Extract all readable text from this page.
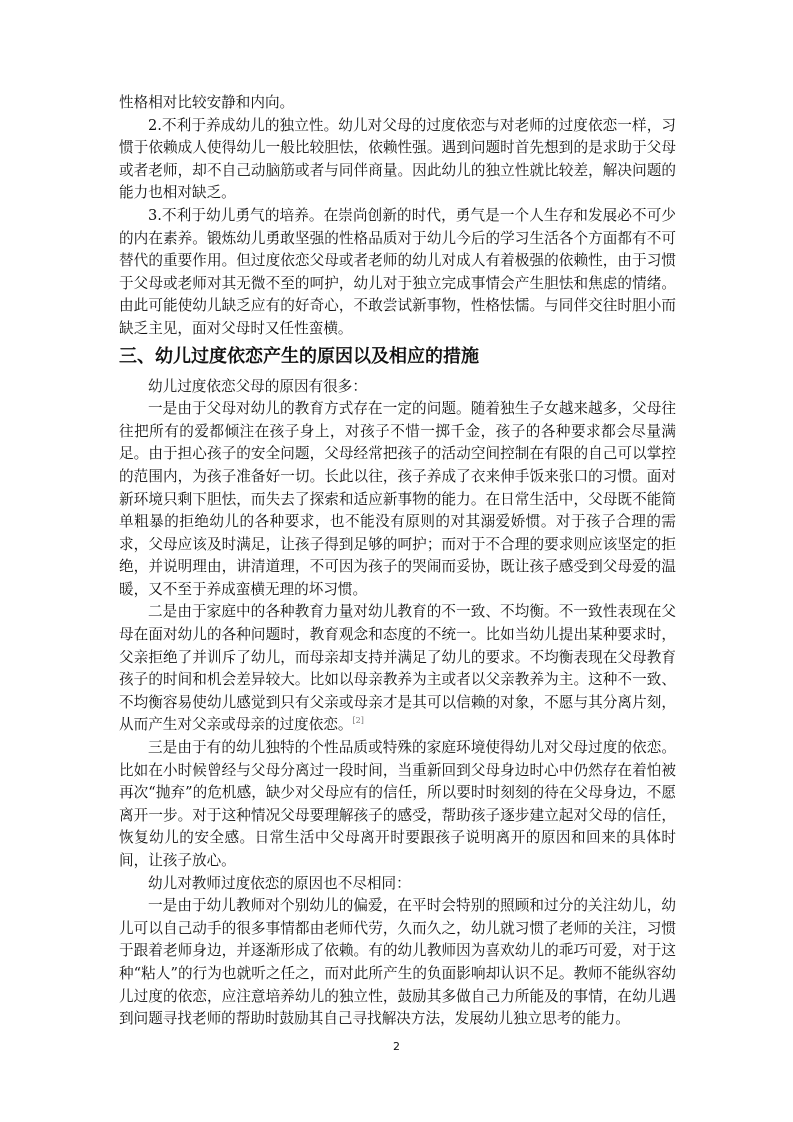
性格相对比较安静和内向。

2.不利于养成幼儿的独立性。幼儿对父母的过度依恋与对老师的过度依恋一样，习惯于依赖成人使得幼儿一般比较胆怯，依赖性强。遇到问题时首先想到的是求助于父母或者老师，却不自己动脑筋或者与同伴商量。因此幼儿的独立性就比较差，解决问题的能力也相对缺乏。

3.不利于幼儿勇气的培养。在崇尚创新的时代，勇气是一个人生存和发展必不可少的内在素养。锻炼幼儿勇敢坚强的性格品质对于幼儿今后的学习生活各个方面都有不可替代的重要作用。但过度依恋父母或者老师的幼儿对成人有着极强的依赖性，由于习惯于父母或老师对其无微不至的呵护，幼儿对于独立完成事情会产生胆怯和焦虑的情绪。由此可能使幼儿缺乏应有的好奇心，不敢尝试新事物，性格怯懦。与同伴交往时胆小而缺乏主见，面对父母时又任性蛮横。

三、幼儿过度依恋产生的原因以及相应的措施

幼儿过度依恋父母的原因有很多：

一是由于父母对幼儿的教育方式存在一定的问题。随着独生子女越来越多，父母往往把所有的爱都倾注在孩子身上，对孩子不惜一掷千金，孩子的各种要求都会尽量满足。由于担心孩子的安全问题，父母经常把孩子的活动空间控制在有限的自己可以掌控的范围内，为孩子准备好一切。长此以往，孩子养成了衣来伸手饭来张口的习惯。面对新环境只剩下胆怯，而失去了探索和适应新事物的能力。在日常生活中，父母既不能简单粗暴的拒绝幼儿的各种要求，也不能没有原则的对其溺爱娇惯。对于孩子合理的需求，父母应该及时满足，让孩子得到足够的呵护；而对于不合理的要求则应该坚定的拒绝，并说明理由，讲清道理，不可因为孩子的哭闹而妥协，既让孩子感受到父母爱的温暖，又不至于养成蛮横无理的坏习惯。

二是由于家庭中的各种教育力量对幼儿教育的不一致、不均衡。不一致性表现在父母在面对幼儿的各种问题时，教育观念和态度的不统一。比如当幼儿提出某种要求时，父亲拒绝了并训斥了幼儿，而母亲却支持并满足了幼儿的要求。不均衡表现在父母教育孩子的时间和机会差异较大。比如以母亲教养为主或者以父亲教养为主。这种不一致、不均衡容易使幼儿感觉到只有父亲或母亲才是其可以信赖的对象，不愿与其分离片刻，从而产生对父亲或母亲的过度依恋。[2]

三是由于有的幼儿独特的个性品质或特殊的家庭环境使得幼儿对父母过度的依恋。比如在小时候曾经与父母分离过一段时间，当重新回到父母身边时心中仍然存在着怕被再次“抛弃”的危机感，缺少对父母应有的信任，所以要时时刻刻的待在父母身边，不愿离开一步。对于这种情况父母要理解孩子的感受，帮助孩子逐步建立起对父母的信任，恢复幼儿的安全感。日常生活中父母离开时要跟孩子说明离开的原因和回来的具体时间，让孩子放心。

幼儿对教师过度依恋的原因也不尽相同：

一是由于幼儿教师对个别幼儿的偏爱，在平时会特别的照顾和过分的关注幼儿，幼儿可以自己动手的很多事情都由老师代劳，久而久之，幼儿就习惯了老师的关注，习惯于跟着老师身边，并逐渐形成了依赖。有的幼儿教师因为喜欢幼儿的乖巧可爱，对于这种“粘人”的行为也就听之任之，而对此所产生的负面影响却认识不足。教师不能纵容幼儿过度的依恋，应注意培养幼儿的独立性，鼓励其多做自己力所能及的事情，在幼儿遇到问题寻找老师的帮助时鼓励其自己寻找解决方法，发展幼儿独立思考的能力。

2
